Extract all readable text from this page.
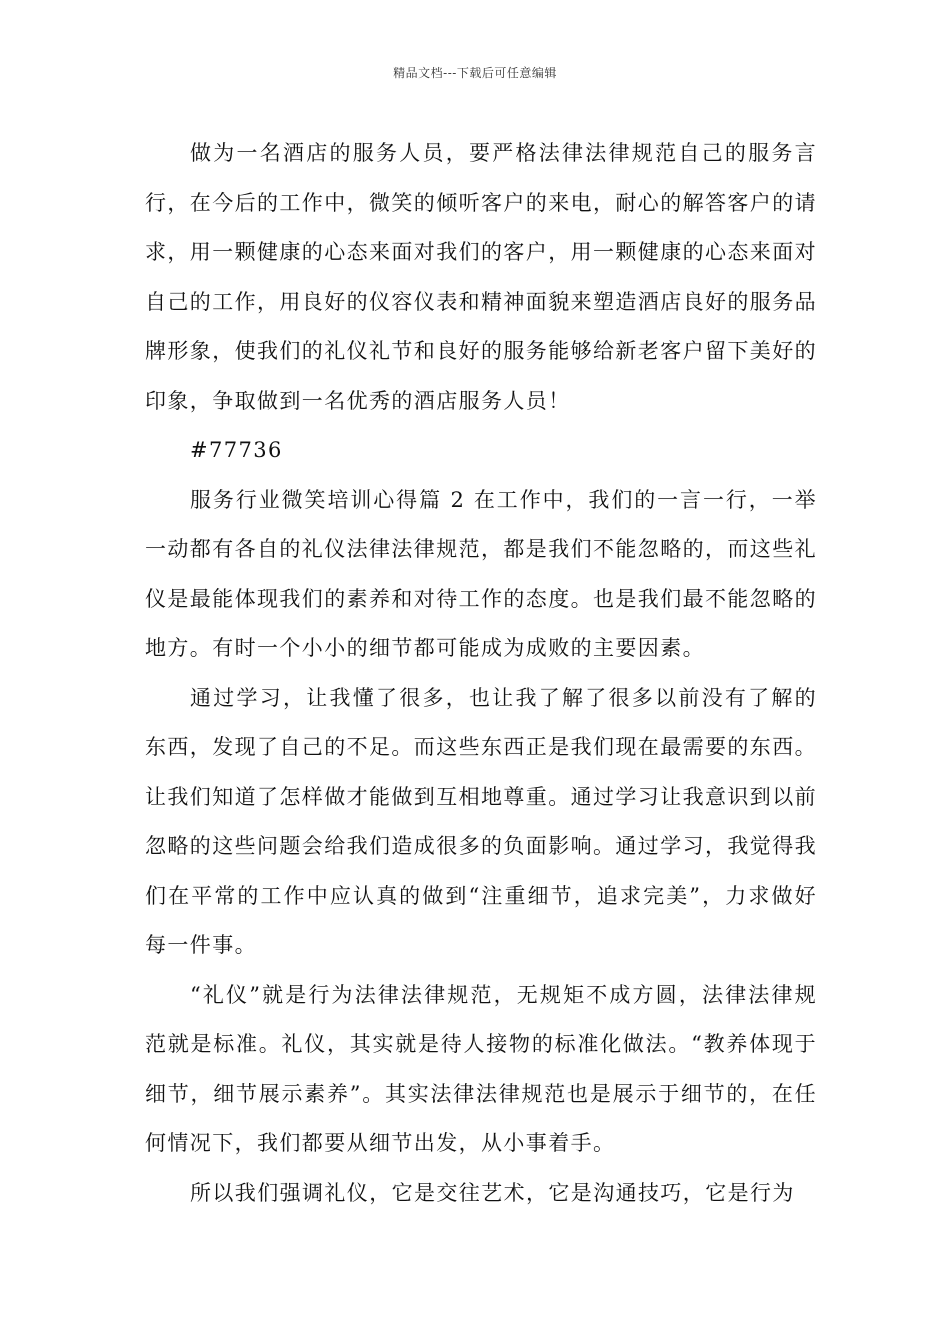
精品文档---下载后可任意编辑

做为一名酒店的服务人员，要严格法律法律规范自己的服务言行，在今后的工作中，微笑的倾听客户的来电，耐心的解答客户的请求，用一颗健康的心态来面对我们的客户，用一颗健康的心态来面对自己的工作，用良好的仪容仪表和精神面貌来塑造酒店良好的服务品牌形象，使我们的礼仪礼节和良好的服务能够给新老客户留下美好的印象，争取做到一名优秀的酒店服务人员！

#77736

服务行业微笑培训心得篇 2 在工作中，我们的一言一行，一举一动都有各自的礼仪法律法律规范，都是我们不能忽略的，而这些礼仪是最能体现我们的素养和对待工作的态度。也是我们最不能忽略的地方。有时一个小小的细节都可能成为成败的主要因素。

通过学习，让我懂了很多，也让我了解了很多以前没有了解的东西，发现了自己的不足。而这些东西正是我们现在最需要的东西。让我们知道了怎样做才能做到互相地尊重。通过学习让我意识到以前忽略的这些问题会给我们造成很多的负面影响。通过学习，我觉得我们在平常的工作中应认真的做到“注重细节，追求完美”，力求做好每一件事。

“礼仪”就是行为法律法律规范，无规矩不成方圆，法律法律规范就是标准。礼仪，其实就是待人接物的标准化做法。“教养体现于细节，细节展示素养”。其实法律法律规范也是展示于细节的，在任何情况下，我们都要从细节出发，从小事着手。

所以我们强调礼仪，它是交往艺术，它是沟通技巧，它是行为
